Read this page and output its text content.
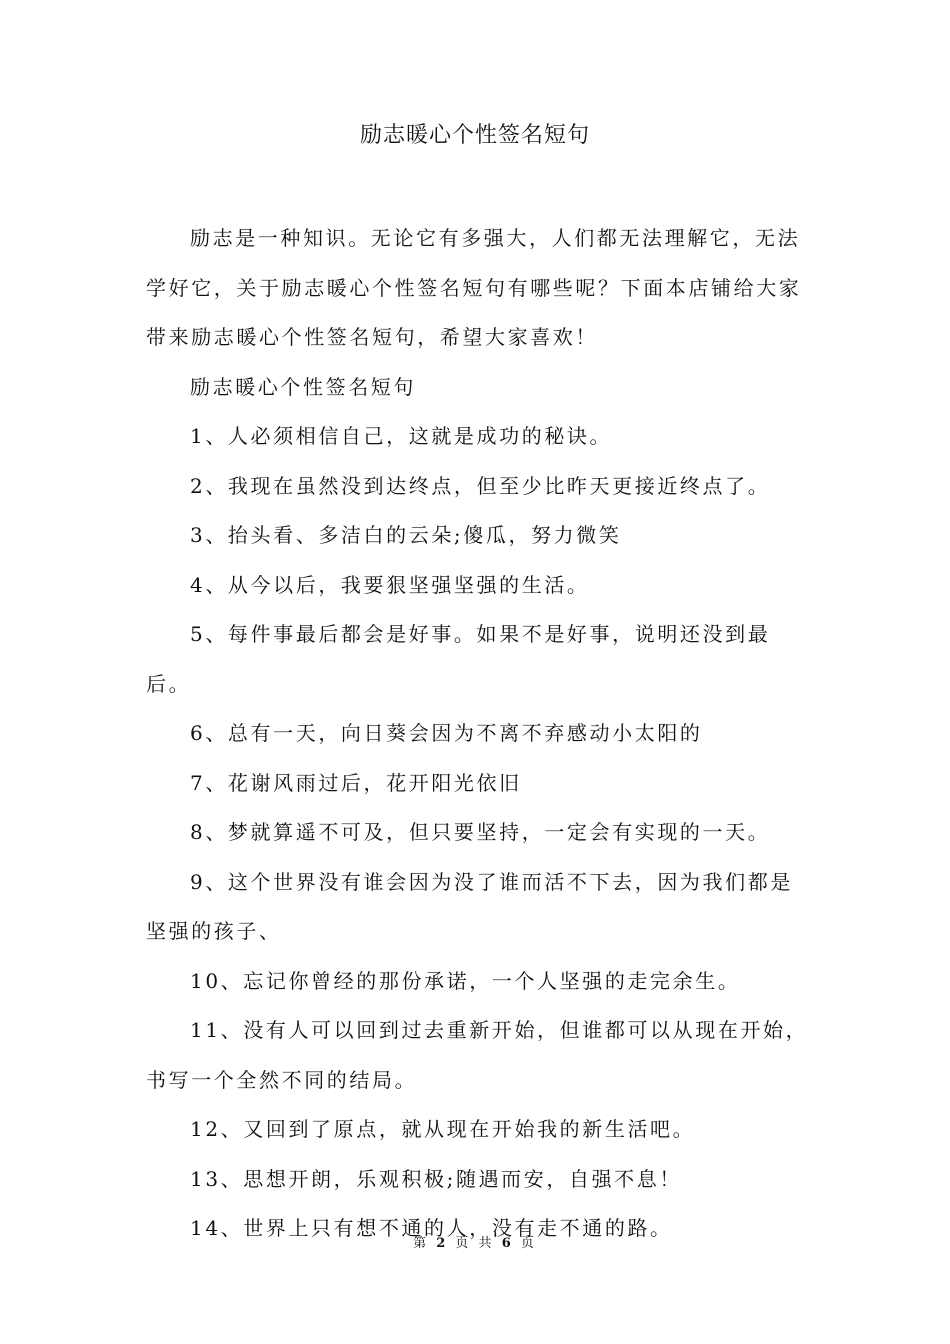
励志暖心个性签名短句

励志是一种知识。无论它有多强大，人们都无法理解它，无法学好它，关于励志暖心个性签名短句有哪些呢？下面本店铺给大家带来励志暖心个性签名短句，希望大家喜欢！

励志暖心个性签名短句

1、人必须相信自己，这就是成功的秘诀。

2、我现在虽然没到达终点，但至少比昨天更接近终点了。

3、抬头看、多洁白的云朵;傻瓜，努力微笑

4、从今以后，我要狠坚强坚强的生活。

5、每件事最后都会是好事。如果不是好事，说明还没到最后。

6、总有一天，向日葵会因为不离不弃感动小太阳的

7、花谢风雨过后，花开阳光依旧

8、梦就算遥不可及，但只要坚持，一定会有实现的一天。

9、这个世界没有谁会因为没了谁而活不下去，因为我们都是坚强的孩子、

10、忘记你曾经的那份承诺，一个人坚强的走完余生。

11、没有人可以回到过去重新开始，但谁都可以从现在开始，书写一个全然不同的结局。

12、又回到了原点，就从现在开始我的新生活吧。

13、思想开朗，乐观积极;随遇而安，自强不息！

14、世界上只有想不通的人，没有走不通的路。

第 2 页 共 6 页
